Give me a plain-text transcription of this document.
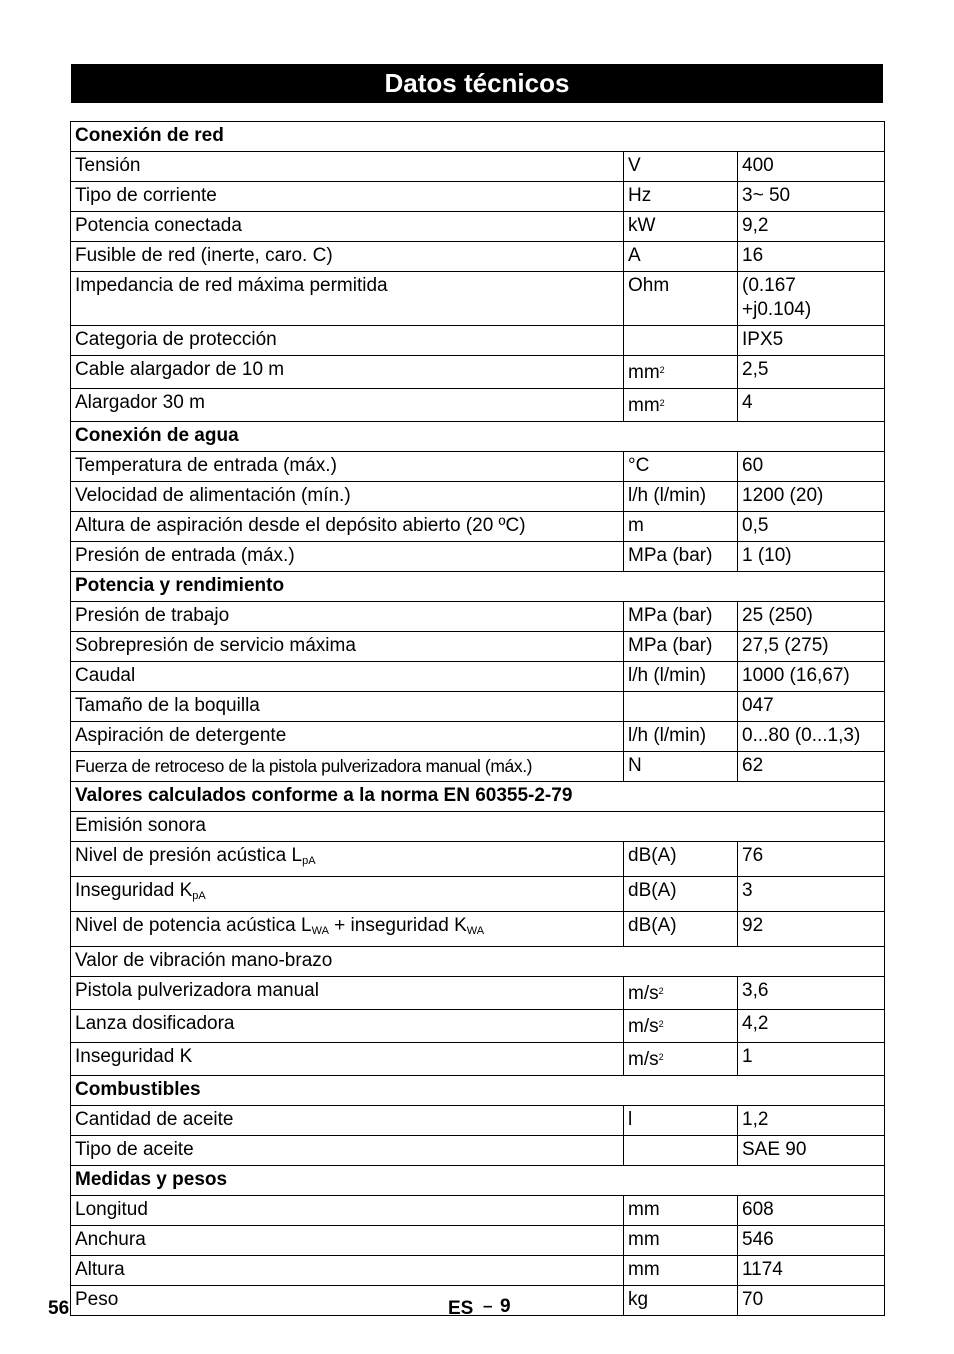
Datos técnicos
Conexión de red		
Tensión	V	400
Tipo de corriente	Hz	3~ 50
Potencia conectada	kW	9,2
Fusible de red (inerte, caro. C)	A	16
Impedancia de red máxima permitida	Ohm	(0.167
+j0.104)
Categoria de protección		IPX5
Cable alargador de 10 m	$mm^2$	2,5
Alargador 30 m	$mm^2$	4
Conexión de agua		
Temperatura de entrada (máx.)	°C	60
Velocidad de alimentación (mín.)	l/h (l/min)	1200 (20)
Altura de aspiración desde el depósito abierto (20 ºC)	m	0,5
Presión de entrada (máx.)	MPa (bar)	1 (10)
Potencia y rendimiento		
Presión de trabajo	MPa (bar)	25 (250)
Sobrepresión de servicio máxima	MPa (bar)	27,5 (275)
Caudal	l/h (l/min)	1000 (16,67)
Tamaño de la boquilla		047
Aspiración de detergente	l/h (l/min)	0...80 (0...1,3)
Fuerza de retroceso de la pistola pulverizadora manual (máx.)	N	62
Valores calculados conforme a la norma EN 60355-2-79		
Emisión sonora		
Nivel de presión acústica $L_{pA}$	dB(A)	76
Inseguridad $K_{pA}$	dB(A)	3
Nivel de potencia acústica $L_{WA}$ + inseguridad $K_{WA}$	dB(A)	92
Valor de vibración mano-brazo		
Pistola pulverizadora manual	$m/s^2$	3,6
Lanza dosificadora	$m/s^2$	4,2
Inseguridad K	$m/s^2$	1
Combustibles		
Cantidad de aceite	l	1,2
Tipo de aceite		SAE 90
Medidas y pesos		
Longitud	mm	608
Anchura	mm	546
Altura	mm	1174
Peso	kg	70
56	ES – 9
